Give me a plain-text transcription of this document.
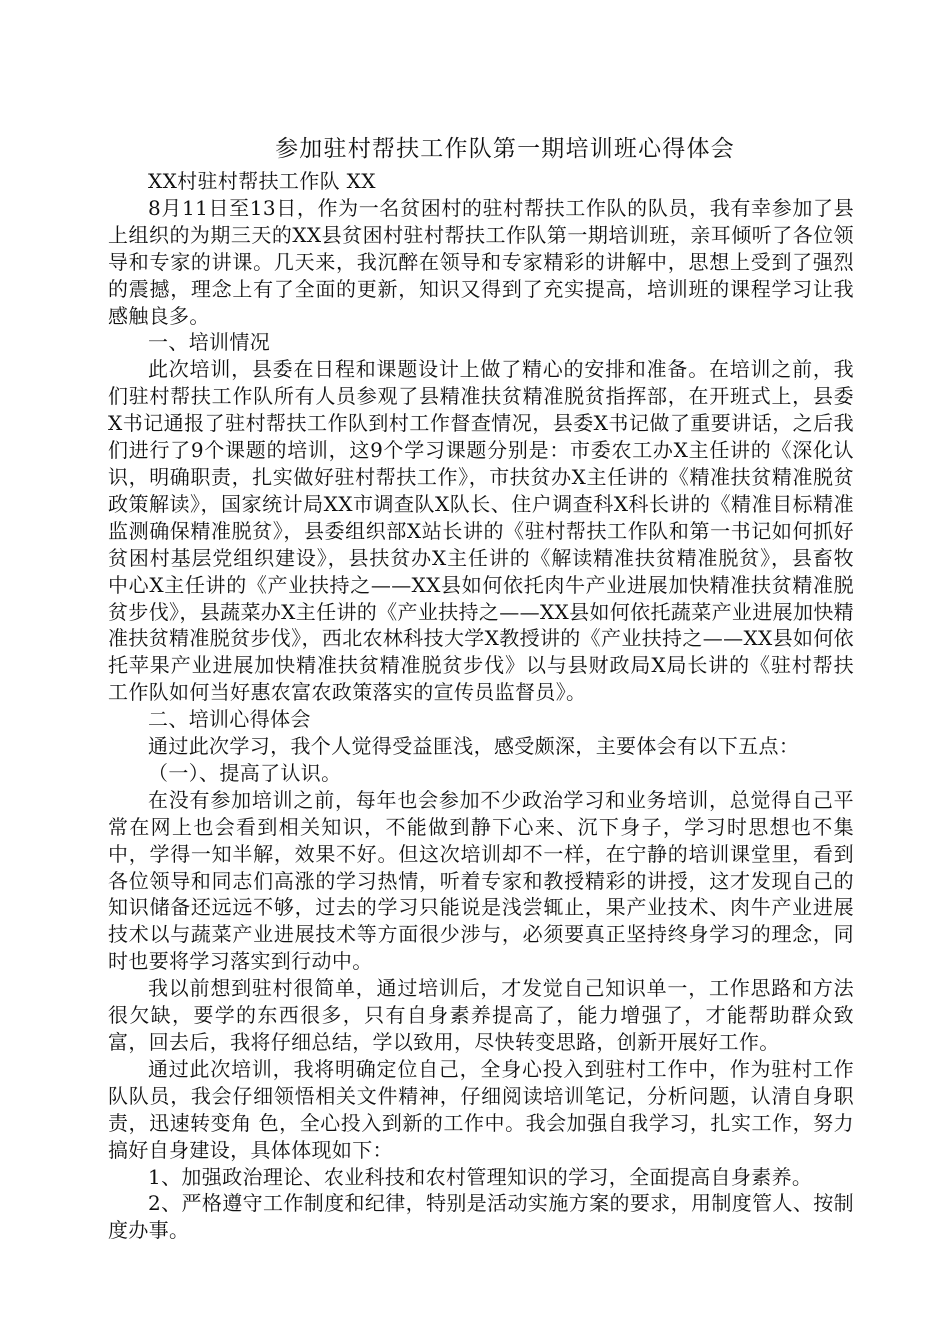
参加驻村帮扶工作队第一期培训班心得体会

XX村驻村帮扶工作队 XX

8月11日至13日，作为一名贫困村的驻村帮扶工作队的队员，我有幸参加了县上组织的为期三天的XX县贫困村驻村帮扶工作队第一期培训班，亲耳倾听了各位领导和专家的讲课。几天来，我沉醉在领导和专家精彩的讲解中，思想上受到了强烈的震撼，理念上有了全面的更新，知识又得到了充实提高，培训班的课程学习让我感触良多。

一、培训情况

此次培训，县委在日程和课题设计上做了精心的安排和准备。在培训之前，我们驻村帮扶工作队所有人员参观了县精准扶贫精准脱贫指挥部，在开班式上，县委X书记通报了驻村帮扶工作队到村工作督查情况，县委X书记做了重要讲话，之后我们进行了9个课题的培训，这9个学习课题分别是：市委农工办X主任讲的《深化认识，明确职责，扎实做好驻村帮扶工作》，市扶贫办X主任讲的《精准扶贫精准脱贫政策解读》，国家统计局XX市调查队X队长、住户调查科X科长讲的《精准目标精准监测确保精准脱贫》，县委组织部X站长讲的《驻村帮扶工作队和第一书记如何抓好贫困村基层党组织建设》，县扶贫办X主任讲的《解读精准扶贫精准脱贫》，县畜牧中心X主任讲的《产业扶持之——XX县如何依托肉牛产业进展加快精准扶贫精准脱贫步伐》，县蔬菜办X主任讲的《产业扶持之——XX县如何依托蔬菜产业进展加快精准扶贫精准脱贫步伐》，西北农林科技大学X教授讲的《产业扶持之——XX县如何依托苹果产业进展加快精准扶贫精准脱贫步伐》以与县财政局X局长讲的《驻村帮扶工作队如何当好惠农富农政策落实的宣传员监督员》。

二、培训心得体会

通过此次学习，我个人觉得受益匪浅，感受颇深，主要体会有以下五点：

（一）、提高了认识。

在没有参加培训之前，每年也会参加不少政治学习和业务培训，总觉得自己平常在网上也会看到相关知识，不能做到静下心来、沉下身子，学习时思想也不集中，学得一知半解，效果不好。但这次培训却不一样，在宁静的培训课堂里，看到各位领导和同志们高涨的学习热情，听着专家和教授精彩的讲授，这才发现自己的知识储备还远远不够，过去的学习只能说是浅尝辄止，果产业技术、肉牛产业进展技术以与蔬菜产业进展技术等方面很少涉与，必须要真正坚持终身学习的理念，同时也要将学习落实到行动中。

我以前想到驻村很简单，通过培训后，才发觉自己知识单一，工作思路和方法很欠缺，要学的东西很多，只有自身素养提高了，能力增强了，才能帮助群众致富，回去后，我将仔细总结，学以致用，尽快转变思路，创新开展好工作。

通过此次培训，我将明确定位自己，全身心投入到驻村工作中，作为驻村工作队队员，我会仔细领悟相关文件精神，仔细阅读培训笔记，分析问题，认清自身职责，迅速转变角 色，全心投入到新的工作中。我会加强自我学习，扎实工作，努力搞好自身建设，具体体现如下：

1、加强政治理论、农业科技和农村管理知识的学习，全面提高自身素养。

2、严格遵守工作制度和纪律，特别是活动实施方案的要求，用制度管人、按制度办事。
